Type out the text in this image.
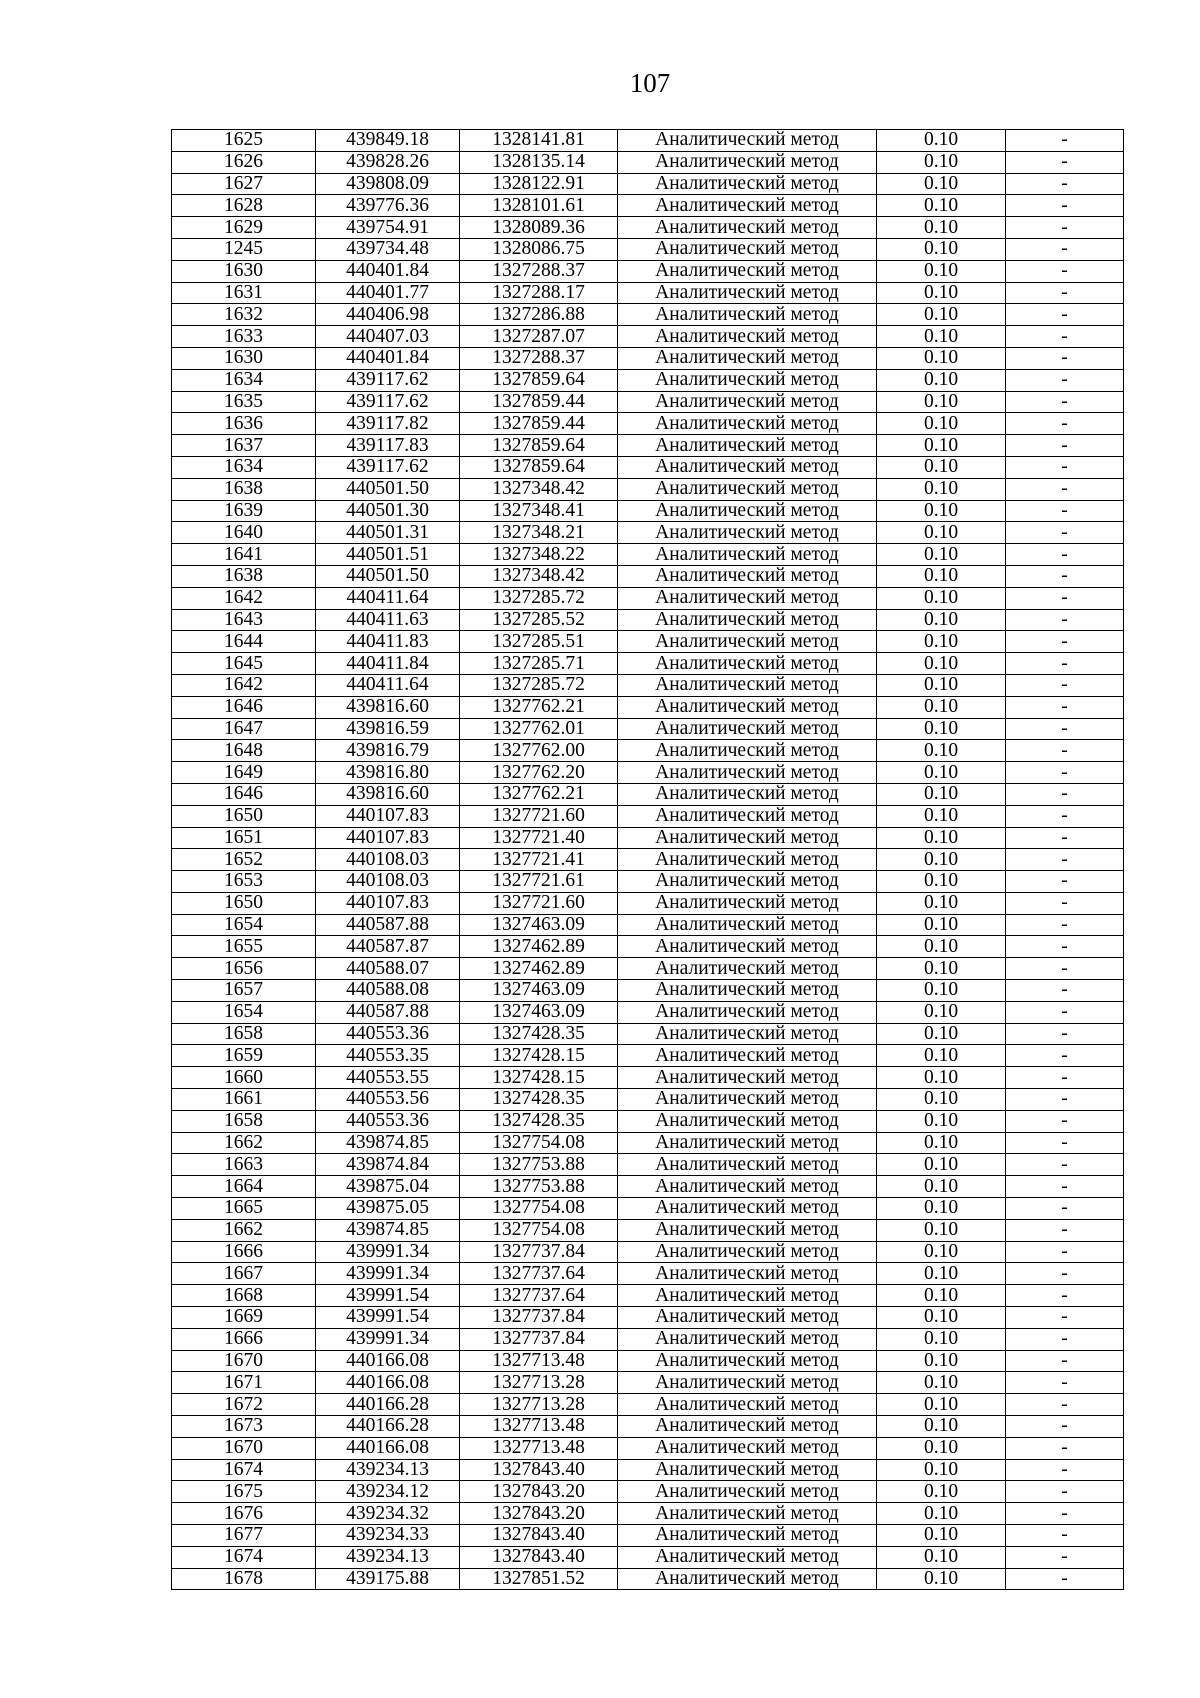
107
1625	439849.18	1328141.81	Аналитический метод	0.10	-
1626	439828.26	1328135.14	Аналитический метод	0.10	-
1627	439808.09	1328122.91	Аналитический метод	0.10	-
1628	439776.36	1328101.61	Аналитический метод	0.10	-
1629	439754.91	1328089.36	Аналитический метод	0.10	-
1245	439734.48	1328086.75	Аналитический метод	0.10	-
1630	440401.84	1327288.37	Аналитический метод	0.10	-
1631	440401.77	1327288.17	Аналитический метод	0.10	-
1632	440406.98	1327286.88	Аналитический метод	0.10	-
1633	440407.03	1327287.07	Аналитический метод	0.10	-
1630	440401.84	1327288.37	Аналитический метод	0.10	-
1634	439117.62	1327859.64	Аналитический метод	0.10	-
1635	439117.62	1327859.44	Аналитический метод	0.10	-
1636	439117.82	1327859.44	Аналитический метод	0.10	-
1637	439117.83	1327859.64	Аналитический метод	0.10	-
1634	439117.62	1327859.64	Аналитический метод	0.10	-
1638	440501.50	1327348.42	Аналитический метод	0.10	-
1639	440501.30	1327348.41	Аналитический метод	0.10	-
1640	440501.31	1327348.21	Аналитический метод	0.10	-
1641	440501.51	1327348.22	Аналитический метод	0.10	-
1638	440501.50	1327348.42	Аналитический метод	0.10	-
1642	440411.64	1327285.72	Аналитический метод	0.10	-
1643	440411.63	1327285.52	Аналитический метод	0.10	-
1644	440411.83	1327285.51	Аналитический метод	0.10	-
1645	440411.84	1327285.71	Аналитический метод	0.10	-
1642	440411.64	1327285.72	Аналитический метод	0.10	-
1646	439816.60	1327762.21	Аналитический метод	0.10	-
1647	439816.59	1327762.01	Аналитический метод	0.10	-
1648	439816.79	1327762.00	Аналитический метод	0.10	-
1649	439816.80	1327762.20	Аналитический метод	0.10	-
1646	439816.60	1327762.21	Аналитический метод	0.10	-
1650	440107.83	1327721.60	Аналитический метод	0.10	-
1651	440107.83	1327721.40	Аналитический метод	0.10	-
1652	440108.03	1327721.41	Аналитический метод	0.10	-
1653	440108.03	1327721.61	Аналитический метод	0.10	-
1650	440107.83	1327721.60	Аналитический метод	0.10	-
1654	440587.88	1327463.09	Аналитический метод	0.10	-
1655	440587.87	1327462.89	Аналитический метод	0.10	-
1656	440588.07	1327462.89	Аналитический метод	0.10	-
1657	440588.08	1327463.09	Аналитический метод	0.10	-
1654	440587.88	1327463.09	Аналитический метод	0.10	-
1658	440553.36	1327428.35	Аналитический метод	0.10	-
1659	440553.35	1327428.15	Аналитический метод	0.10	-
1660	440553.55	1327428.15	Аналитический метод	0.10	-
1661	440553.56	1327428.35	Аналитический метод	0.10	-
1658	440553.36	1327428.35	Аналитический метод	0.10	-
1662	439874.85	1327754.08	Аналитический метод	0.10	-
1663	439874.84	1327753.88	Аналитический метод	0.10	-
1664	439875.04	1327753.88	Аналитический метод	0.10	-
1665	439875.05	1327754.08	Аналитический метод	0.10	-
1662	439874.85	1327754.08	Аналитический метод	0.10	-
1666	439991.34	1327737.84	Аналитический метод	0.10	-
1667	439991.34	1327737.64	Аналитический метод	0.10	-
1668	439991.54	1327737.64	Аналитический метод	0.10	-
1669	439991.54	1327737.84	Аналитический метод	0.10	-
1666	439991.34	1327737.84	Аналитический метод	0.10	-
1670	440166.08	1327713.48	Аналитический метод	0.10	-
1671	440166.08	1327713.28	Аналитический метод	0.10	-
1672	440166.28	1327713.28	Аналитический метод	0.10	-
1673	440166.28	1327713.48	Аналитический метод	0.10	-
1670	440166.08	1327713.48	Аналитический метод	0.10	-
1674	439234.13	1327843.40	Аналитический метод	0.10	-
1675	439234.12	1327843.20	Аналитический метод	0.10	-
1676	439234.32	1327843.20	Аналитический метод	0.10	-
1677	439234.33	1327843.40	Аналитический метод	0.10	-
1674	439234.13	1327843.40	Аналитический метод	0.10	-
1678	439175.88	1327851.52	Аналитический метод	0.10	-
